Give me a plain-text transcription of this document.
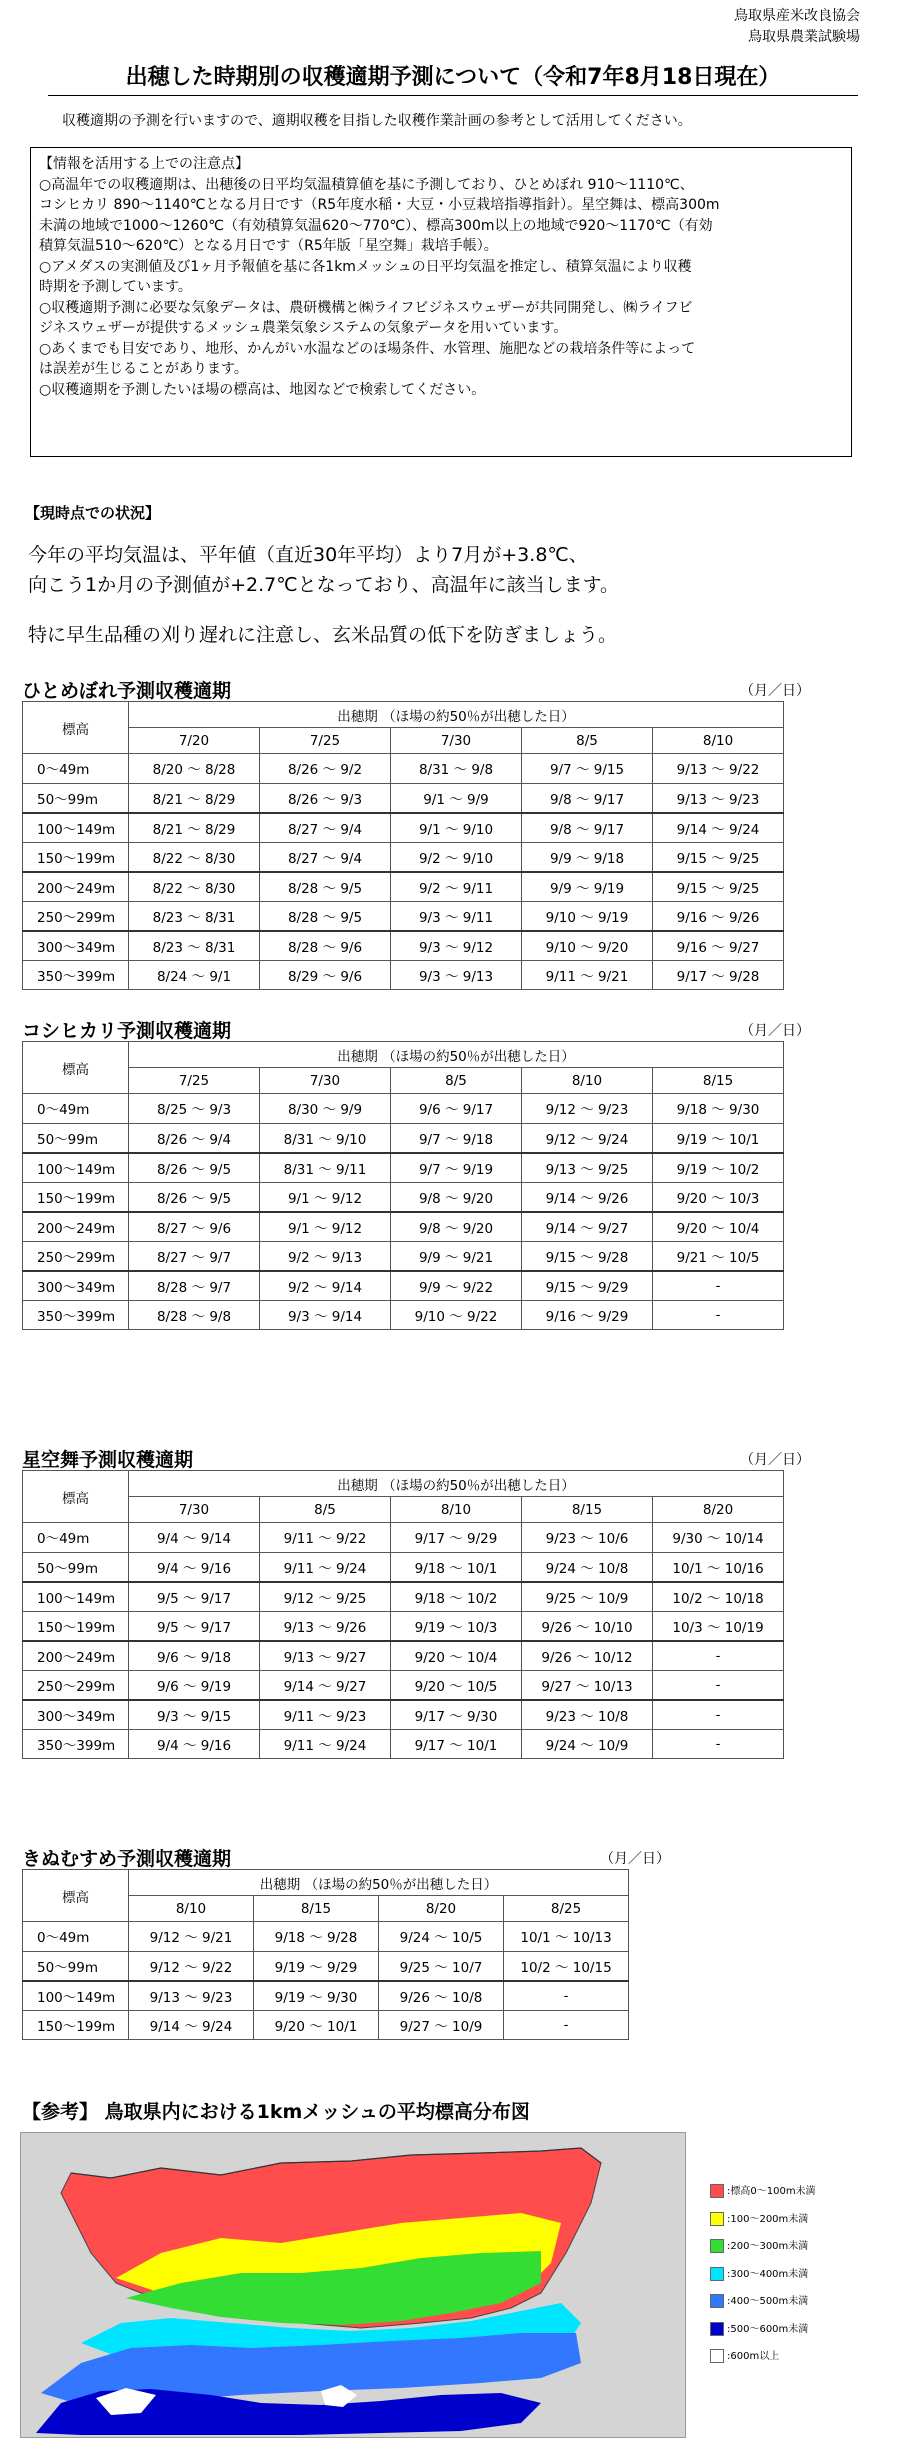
鳥取県産米改良協会
鳥取県農業試験場
出穂した時期別の収穫適期予測について（令和7年8月18日現在）
収穫適期の予測を行いますので、適期収穫を目指した収穫作業計画の参考として活用してください。

【情報を活用する上での注意点】

○高温年での収穫適期は、出穂後の日平均気温積算値を基に予測しており、ひとめぼれ 910～1110℃、

コシヒカリ 890～1140℃となる月日です（R5年度水稲・大豆・小豆栽培指導指針）。星空舞は、標高300m

未満の地域で1000～1260℃（有効積算気温620～770℃）、標高300m以上の地域で920～1170℃（有効

積算気温510～620℃）となる月日です（R5年版「星空舞」栽培手帳）。

○アメダスの実測値及び1ヶ月予報値を基に各1kmメッシュの日平均気温を推定し、積算気温により収穫

時期を予測しています。

○収穫適期予測に必要な気象データは、農研機構と㈱ライフビジネスウェザーが共同開発し、㈱ライフビ

ジネスウェザーが提供するメッシュ農業気象システムの気象データを用いています。

○あくまでも目安であり、地形、かんがい水温などのほ場条件、水管理、施肥などの栽培条件等によって

は誤差が生じることがあります。

○収穫適期を予測したいほ場の標高は、地図などで検索してください。

【現時点での状況】
今年の平均気温は、平年値（直近30年平均）より7月が+3.8℃、
向こう1か月の予測値が+2.7℃となっており、高温年に該当します。
特に早生品種の刈り遅れに注意し、玄米品質の低下を防ぎましょう。
ひとめぼれ予測収穫適期	（月／日）
コシヒカリ予測収穫適期	（月／日）
星空舞予測収穫適期	（月／日）
きぬむすめ予測収穫適期	（月／日）
標高	出穂期 （ほ場の約50％が出穂した日）				
	7/20	7/25	7/30	8/5	8/10
0～49m	8/20 ～ 8/28	8/26 ～ 9/2	8/31 ～ 9/8	9/7 ～ 9/15	9/13 ～ 9/22
50～99m	8/21 ～ 8/29	8/26 ～ 9/3	9/1 ～ 9/9	9/8 ～ 9/17	9/13 ～ 9/23
100～149m	8/21 ～ 8/29	8/27 ～ 9/4	9/1 ～ 9/10	9/8 ～ 9/17	9/14 ～ 9/24
150～199m	8/22 ～ 8/30	8/27 ～ 9/4	9/2 ～ 9/10	9/9 ～ 9/18	9/15 ～ 9/25
200～249m	8/22 ～ 8/30	8/28 ～ 9/5	9/2 ～ 9/11	9/9 ～ 9/19	9/15 ～ 9/25
250～299m	8/23 ～ 8/31	8/28 ～ 9/5	9/3 ～ 9/11	9/10 ～ 9/19	9/16 ～ 9/26
300～349m	8/23 ～ 8/31	8/28 ～ 9/6	9/3 ～ 9/12	9/10 ～ 9/20	9/16 ～ 9/27
350～399m	8/24 ～ 9/1	8/29 ～ 9/6	9/3 ～ 9/13	9/11 ～ 9/21	9/17 ～ 9/28
標高	出穂期 （ほ場の約50％が出穂した日）				
	7/25	7/30	8/5	8/10	8/15
0～49m	8/25 ～ 9/3	8/30 ～ 9/9	9/6 ～ 9/17	9/12 ～ 9/23	9/18 ～ 9/30
50～99m	8/26 ～ 9/4	8/31 ～ 9/10	9/7 ～ 9/18	9/12 ～ 9/24	9/19 ～ 10/1
100～149m	8/26 ～ 9/5	8/31 ～ 9/11	9/7 ～ 9/19	9/13 ～ 9/25	9/19 ～ 10/2
150～199m	8/26 ～ 9/5	9/1 ～ 9/12	9/8 ～ 9/20	9/14 ～ 9/26	9/20 ～ 10/3
200～249m	8/27 ～ 9/6	9/1 ～ 9/12	9/8 ～ 9/20	9/14 ～ 9/27	9/20 ～ 10/4
250～299m	8/27 ～ 9/7	9/2 ～ 9/13	9/9 ～ 9/21	9/15 ～ 9/28	9/21 ～ 10/5
300～349m	8/28 ～ 9/7	9/2 ～ 9/14	9/9 ～ 9/22	9/15 ～ 9/29	-
350～399m	8/28 ～ 9/8	9/3 ～ 9/14	9/10 ～ 9/22	9/16 ～ 9/29	-
標高	出穂期 （ほ場の約50％が出穂した日）				
	7/30	8/5	8/10	8/15	8/20
0～49m	9/4 ～ 9/14	9/11 ～ 9/22	9/17 ～ 9/29	9/23 ～ 10/6	9/30 ～ 10/14
50～99m	9/4 ～ 9/16	9/11 ～ 9/24	9/18 ～ 10/1	9/24 ～ 10/8	10/1 ～ 10/16
100～149m	9/5 ～ 9/17	9/12 ～ 9/25	9/18 ～ 10/2	9/25 ～ 10/9	10/2 ～ 10/18
150～199m	9/5 ～ 9/17	9/13 ～ 9/26	9/19 ～ 10/3	9/26 ～ 10/10	10/3 ～ 10/19
200～249m	9/6 ～ 9/18	9/13 ～ 9/27	9/20 ～ 10/4	9/26 ～ 10/12	-
250～299m	9/6 ～ 9/19	9/14 ～ 9/27	9/20 ～ 10/5	9/27 ～ 10/13	-
300～349m	9/3 ～ 9/15	9/11 ～ 9/23	9/17 ～ 9/30	9/23 ～ 10/8	-
350～399m	9/4 ～ 9/16	9/11 ～ 9/24	9/17 ～ 10/1	9/24 ～ 10/9	-
標高	出穂期 （ほ場の約50％が出穂した日）			
	8/10	8/15	8/20	8/25
0～49m	9/12 ～ 9/21	9/18 ～ 9/28	9/24 ～ 10/5	10/1 ～ 10/13
50～99m	9/12 ～ 9/22	9/19 ～ 9/29	9/25 ～ 10/7	10/2 ～ 10/15
100～149m	9/13 ～ 9/23	9/19 ～ 9/30	9/26 ～ 10/8	-
150～199m	9/14 ～ 9/24	9/20 ～ 10/1	9/27 ～ 10/9	-
【参考】 鳥取県内における1kmメッシュの平均標高分布図
:標高0～100m未満
:100～200m未満
:200～300m未満
:300～400m未満
:400～500m未満
:500～600m未満
:600m以上
